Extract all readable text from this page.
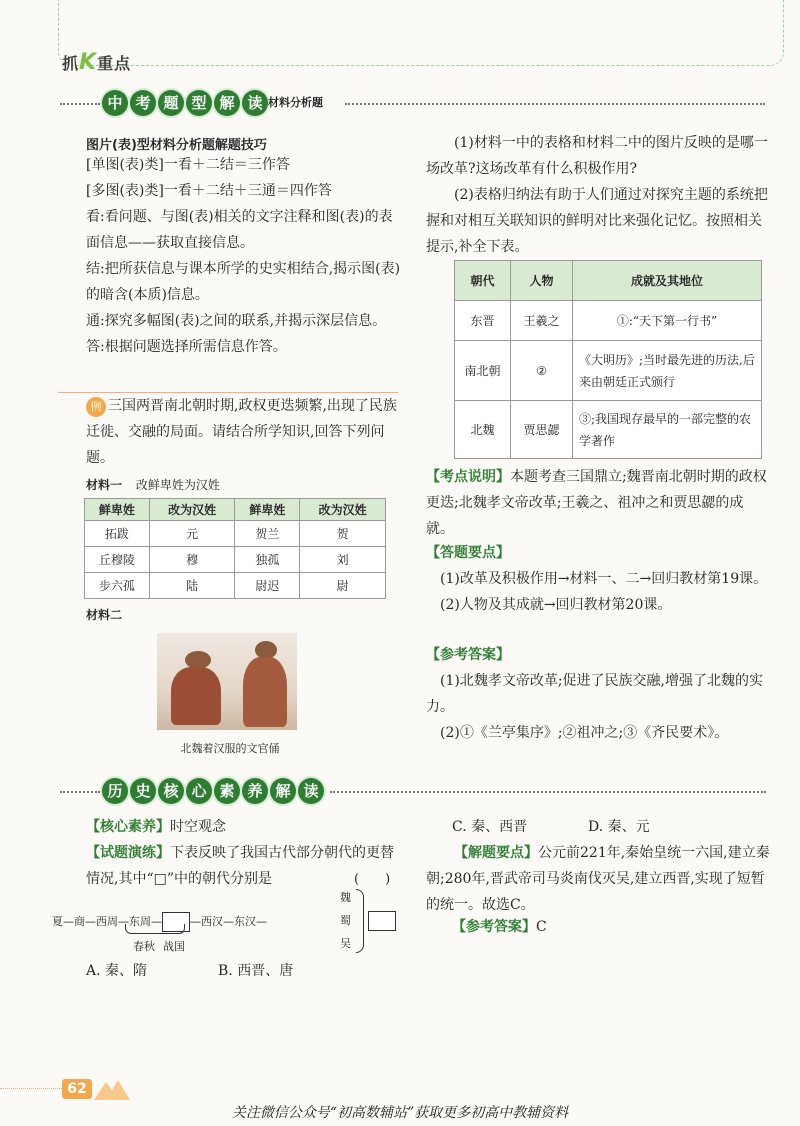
抓K重点
中 考 题 型 解 读 材料分析题
图片(表)型材料分析题解题技巧
[单图(表)类]一看＋二结＝三作答
[多图(表)类]一看＋二结＋三通＝四作答
看:看问题、与图(表)相关的文字注释和图(表)的表面信息——获取直接信息。
结:把所获信息与课本所学的史实相结合,揭示图(表)的暗含(本质)信息。
通:探究多幅图(表)之间的联系,并揭示深层信息。
答:根据问题选择所需信息作答。
例 三国两晋南北朝时期,政权更迭频繁,出现了民族迁徙、交融的局面。请结合所学知识,回答下列问题。
材料一 改鲜卑姓为汉姓
鲜卑姓	改为汉姓	鲜卑姓	改为汉姓
拓跋	元	贺兰	贺
丘穆陵	穆	独孤	刘
步六孤	陆	尉迟	尉
材料二
北魏着汉服的文官俑
(1)材料一中的表格和材料二中的图片反映的是哪一场改革?这场改革有什么积极作用?
(2)表格归纳法有助于人们通过对探究主题的系统把握和对相互关联知识的鲜明对比来强化记忆。按照相关提示,补全下表。
朝代	人物	成就及其地位
东晋	王羲之	①:“天下第一行书”
南北朝	②	《大明历》;当时最先进的历法,后来由朝廷正式颁行
北魏	贾思勰	③;我国现存最早的一部完整的农学著作
【考点说明】本题考查三国鼎立;魏晋南北朝时期的政权更迭;北魏孝文帝改革;王羲之、祖冲之和贾思勰的成就。
【答题要点】
(1)改革及积极作用→材料一、二→回归教材第19课。
(2)人物及其成就→回归教材第20课。
【参考答案】
(1)北魏孝文帝改革;促进了民族交融,增强了北魏的实力。
(2)①《兰亭集序》;②祖冲之;③《齐民要术》。
历 史 核 心 素 养 解 读
【核心素养】时空观念
【试题演练】下表反映了我国古代部分朝代的更替情况,其中“□”中的朝代分别是	(　　)
夏—商—西周—东周—	—西汉—东汉—
春秋 战国
魏
蜀
吴
A. 秦、隋	B. 西晋、唐
C. 秦、西晋	D. 秦、元
【解题要点】公元前221年,秦始皇统一六国,建立秦朝;280年,晋武帝司马炎南伐灭吴,建立西晋,实现了短暂的统一。故选C。
【参考答案】C
62
关注微信公众号“初高数辅站”获取更多初高中教辅资料
